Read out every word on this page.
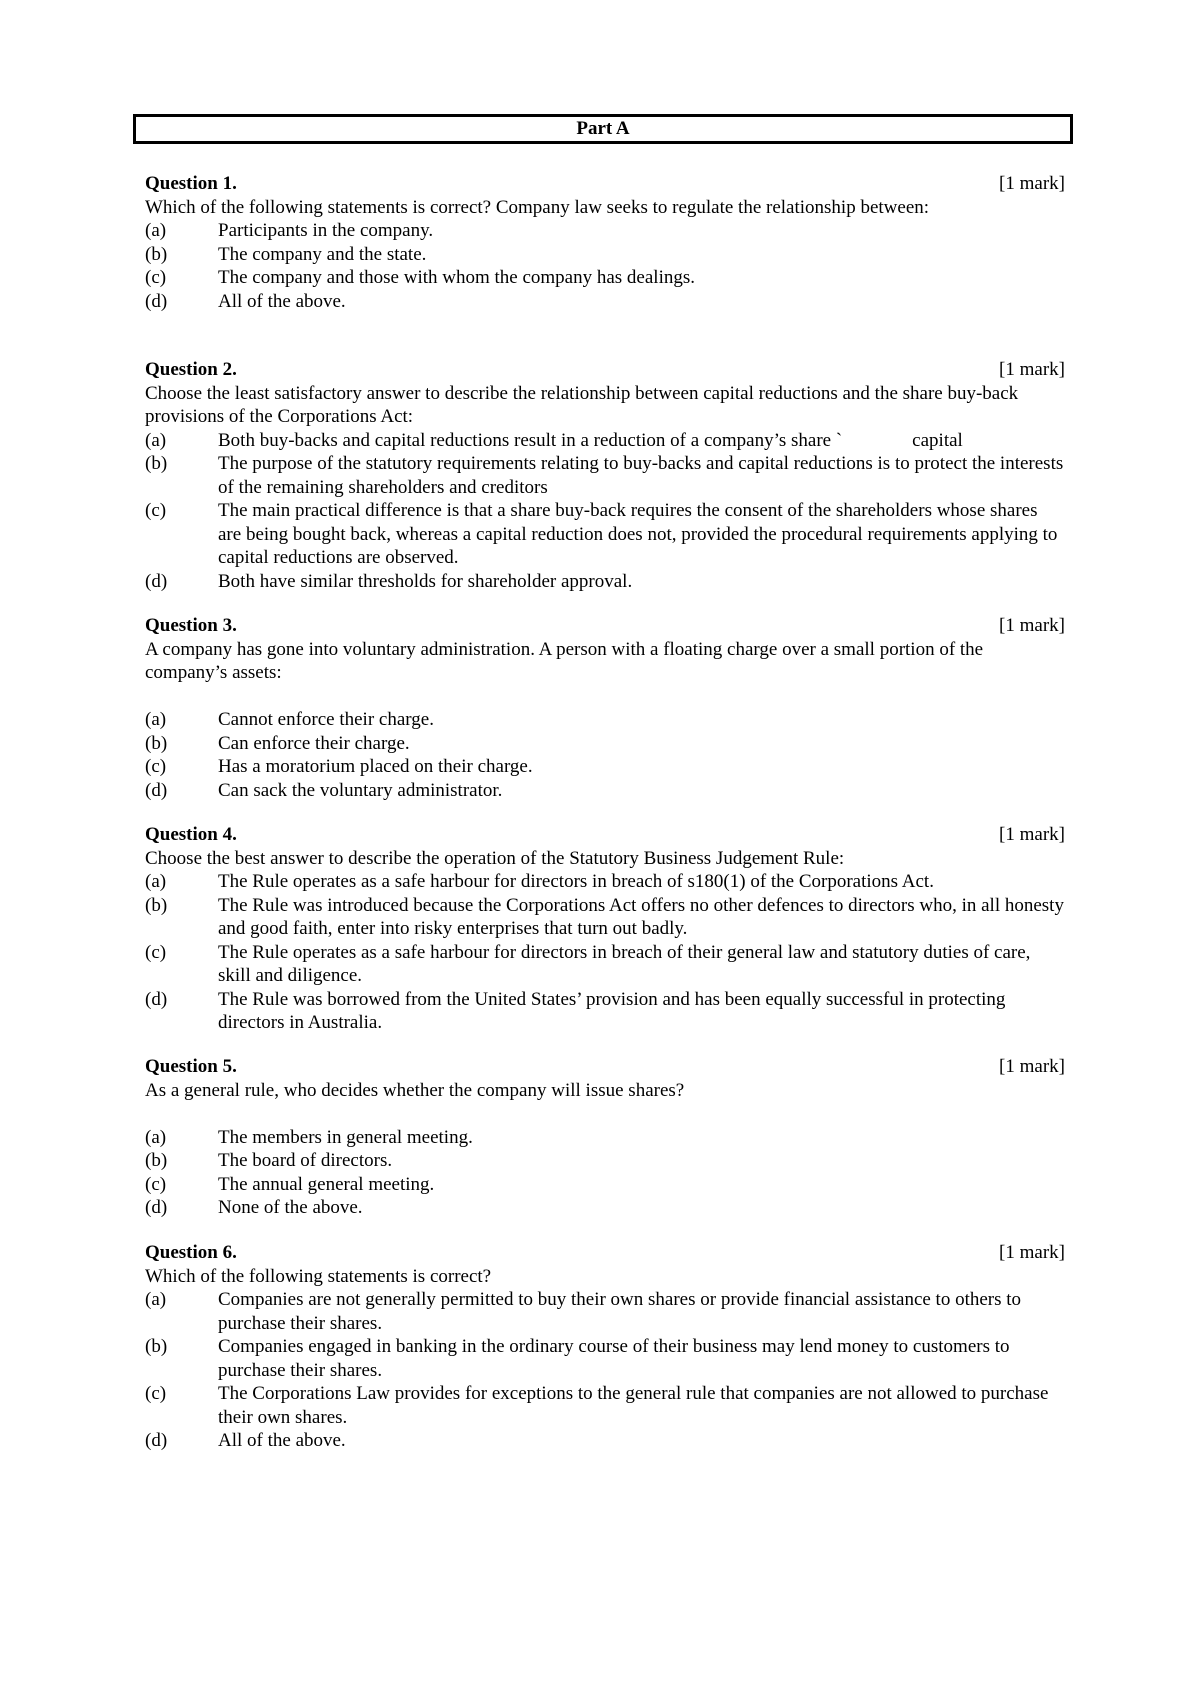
Part A
Question 1.	[1 mark]

Which of the following statements is correct? Company law seeks to regulate the relationship between:

(a)	Participants in the company.
(b)	The company and the state.
(c)	The company and those with whom the company has dealings.
(d)	All of the above.
Question 2.	[1 mark]

Choose the least satisfactory answer to describe the relationship between capital reductions and the share buy-back provisions of the Corporations Act:

(a)	Both buy-backs and capital reductions result in a reduction of a company’s share `	capital
(b)	The purpose of the statutory requirements relating to buy-backs and capital reductions is to protect the interests of the remaining shareholders and creditors
(c)	The main practical difference is that a share buy-back requires the consent of the shareholders whose shares are being bought back, whereas a capital reduction does not, provided the procedural requirements applying to capital reductions are observed.
(d)	Both have similar thresholds for shareholder approval.
Question 3.	[1 mark]

A company has gone into voluntary administration. A person with a floating charge over a small portion of the company’s assets:

(a)	Cannot enforce their charge.
(b)	Can enforce their charge.
(c)	Has a moratorium placed on their charge.
(d)	Can sack the voluntary administrator.
Question 4.	[1 mark]

Choose the best answer to describe the operation of the Statutory Business Judgement Rule:

(a)	The Rule operates as a safe harbour for directors in breach of s180(1) of the Corporations Act.
(b)	The Rule was introduced because the Corporations Act offers no other defences to directors who, in all honesty and good faith, enter into risky enterprises that turn out badly.
(c)	The Rule operates as a safe harbour for directors in breach of their general law and statutory duties of care, skill and diligence.
(d)	The Rule was borrowed from the United States’ provision and has been equally successful in protecting directors in Australia.
Question 5.	[1 mark]

As a general rule, who decides whether the company will issue shares?

(a)	The members in general meeting.
(b)	The board of directors.
(c)	The annual general meeting.
(d)	None of the above.
Question 6.	[1 mark]

Which of the following statements is correct?

(a)	Companies are not generally permitted to buy their own shares or provide financial assistance to others to purchase their shares.
(b)	Companies engaged in banking in the ordinary course of their business may lend money to customers to purchase their shares.
(c)	The Corporations Law provides for exceptions to the general rule that companies are not allowed to purchase their own shares.
(d)	All of the above.
